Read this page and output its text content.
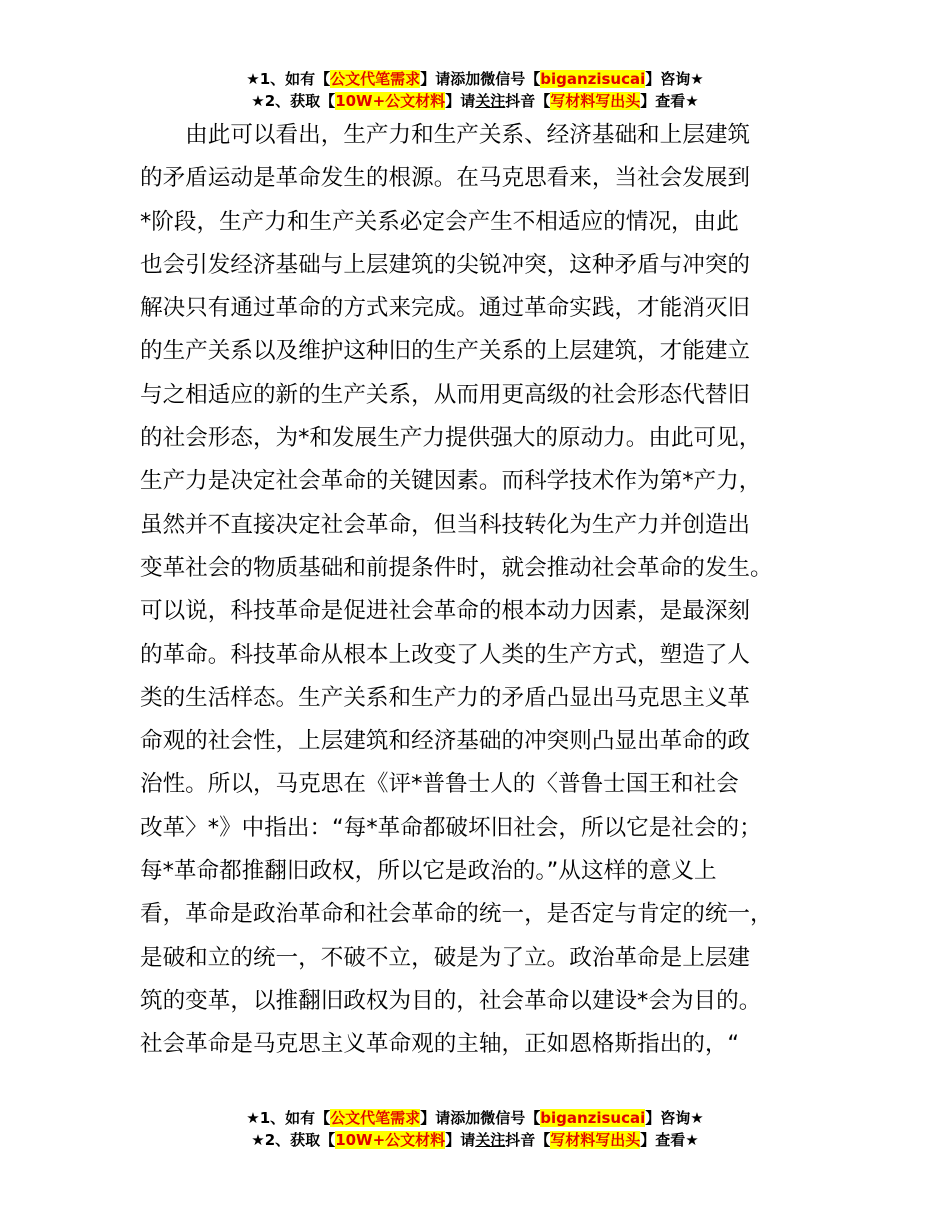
★1、如有【公文代笔需求】请添加微信号【biganzisucai】咨询★
★2、获取【10W+公文材料】请关注抖音【写材料写出头】查看★
　　由此可以看出，生产力和生产关系、经济基础和上层建筑
的矛盾运动是革命发生的根源。在马克思看来，当社会发展到
*阶段，生产力和生产关系必定会产生不相适应的情况，由此
也会引发经济基础与上层建筑的尖锐冲突，这种矛盾与冲突的
解决只有通过革命的方式来完成。通过革命实践，才能消灭旧
的生产关系以及维护这种旧的生产关系的上层建筑，才能建立
与之相适应的新的生产关系，从而用更高级的社会形态代替旧
的社会形态，为*和发展生产力提供强大的原动力。由此可见，
生产力是决定社会革命的关键因素。而科学技术作为第*产力，
虽然并不直接决定社会革命，但当科技转化为生产力并创造出
变革社会的物质基础和前提条件时，就会推动社会革命的发生。
可以说，科技革命是促进社会革命的根本动力因素，是最深刻
的革命。科技革命从根本上改变了人类的生产方式，塑造了人
类的生活样态。生产关系和生产力的矛盾凸显出马克思主义革
命观的社会性，上层建筑和经济基础的冲突则凸显出革命的政
治性。所以，马克思在《评*普鲁士人的〈普鲁士国王和社会
改革〉*》中指出：“每*革命都破坏旧社会，所以它是社会的；
每*革命都推翻旧政权，所以它是政治的。”从这样的意义上
看，革命是政治革命和社会革命的统一，是否定与肯定的统一，
是破和立的统一，不破不立，破是为了立。政治革命是上层建
筑的变革，以推翻旧政权为目的，社会革命以建设*会为目的。
社会革命是马克思主义革命观的主轴，正如恩格斯指出的，“
★1、如有【公文代笔需求】请添加微信号【biganzisucai】咨询★
★2、获取【10W+公文材料】请关注抖音【写材料写出头】查看★
